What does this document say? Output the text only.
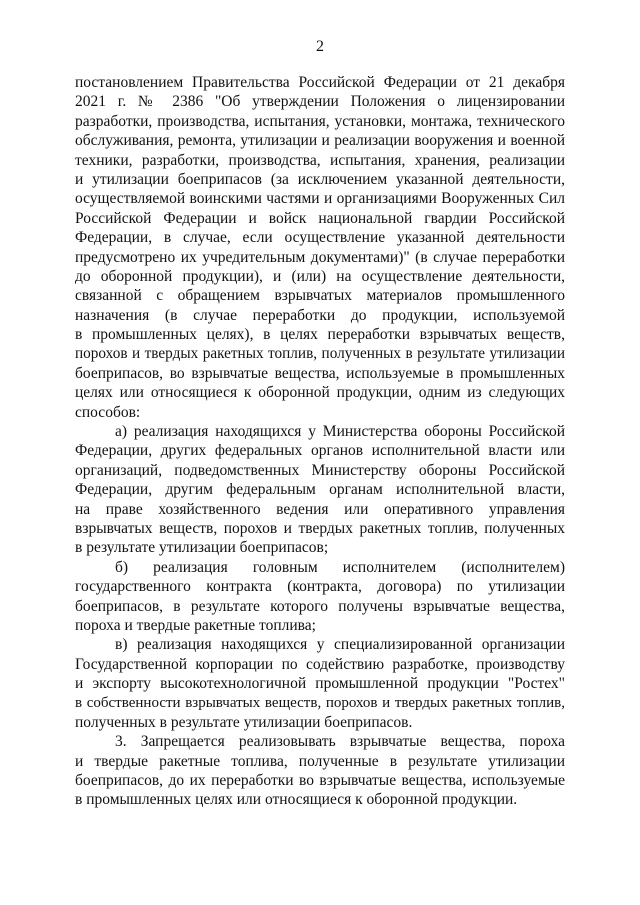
2
постановлением Правительства Российской Федерации от 21 декабря
2021 г. № 2386 "Об утверждении Положения о лицензировании
разработки, производства, испытания, установки, монтажа, технического
обслуживания, ремонта, утилизации и реализации вооружения и военной
техники, разработки, производства, испытания, хранения, реализации
и утилизации боеприпасов (за исключением указанной деятельности,
осуществляемой воинскими частями и организациями Вооруженных Сил
Российской Федерации и войск национальной гвардии Российской
Федерации, в случае, если осуществление указанной деятельности
предусмотрено их учредительным документами)" (в случае переработки
до оборонной продукции), и (или) на осуществление деятельности,
связанной с обращением взрывчатых материалов промышленного
назначения (в случае переработки до продукции, используемой
в промышленных целях), в целях переработки взрывчатых веществ,
порохов и твердых ракетных топлив, полученных в результате утилизации
боеприпасов, во взрывчатые вещества, используемые в промышленных
целях или относящиеся к оборонной продукции, одним из следующих
способов:
а) реализация находящихся у Министерства обороны Российской
Федерации, других федеральных органов исполнительной власти или
организаций, подведомственных Министерству обороны Российской
Федерации, другим федеральным органам исполнительной власти,
на праве хозяйственного ведения или оперативного управления
взрывчатых веществ, порохов и твердых ракетных топлив, полученных
в результате утилизации боеприпасов;
б) реализация головным исполнителем (исполнителем)
государственного контракта (контракта, договора) по утилизации
боеприпасов, в результате которого получены взрывчатые вещества,
пороха и твердые ракетные топлива;
в) реализация находящихся у специализированной организации
Государственной корпорации по содействию разработке, производству
и экспорту высокотехнологичной промышленной продукции "Ростех"
в собственности взрывчатых веществ, порохов и твердых ракетных топлив,
полученных в результате утилизации боеприпасов.
3. Запрещается реализовывать взрывчатые вещества, пороха
и твердые ракетные топлива, полученные в результате утилизации
боеприпасов, до их переработки во взрывчатые вещества, используемые
в промышленных целях или относящиеся к оборонной продукции.
